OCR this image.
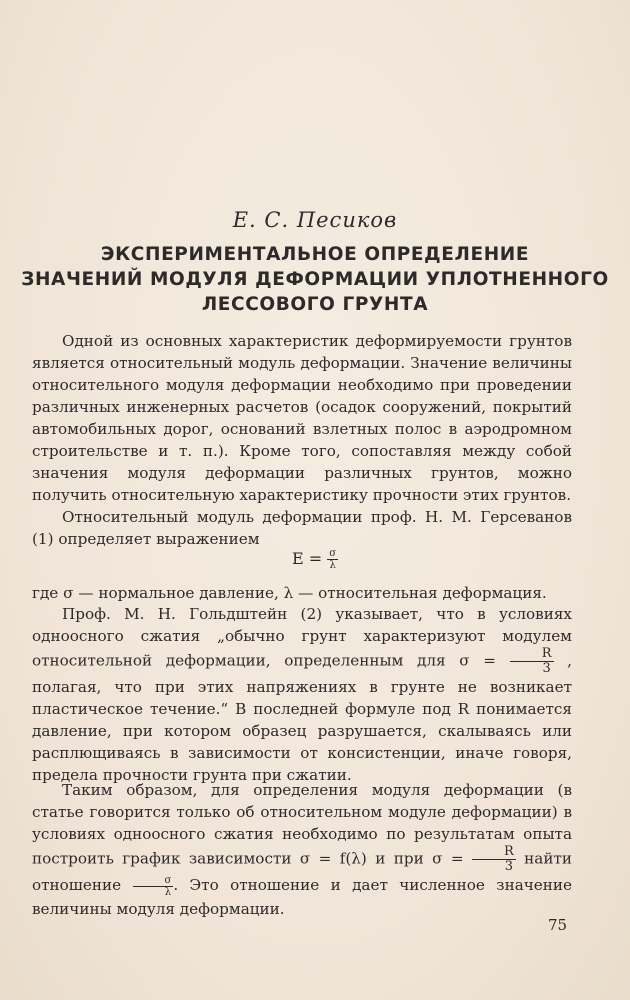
Е. С. Песиков
ЭКСПЕРИМЕНТАЛЬНОЕ ОПРЕДЕЛЕНИЕ
ЗНАЧЕНИЙ МОДУЛЯ ДЕФОРМАЦИИ УПЛОТНЕННОГО
ЛЕССОВОГО ГРУНТА
Одной из основных характеристик деформируемости грунтов является относительный модуль деформации. Значение величины относительного модуля деформации необходимо при проведении различных инженерных расчетов (осадок сооружений, покрытий автомобильных дорог, оснований взлетных полос в аэродромном строительстве и т. п.). Кроме того, сопоставляя между собой значения модуля деформации различных грунтов, можно получить относительную характеристику прочности этих грунтов.
Относительный модуль деформации проф. Н. М. Герсеванов (1) определяет выражением
$E = \frac{\sigma}{\lambda}$
где σ — нормальное давление, λ — относительная деформация.
Проф. М. Н. Гольдштейн (2) указывает, что в условиях одноосного сжатия „обычно грунт характеризуют модулем относительной деформации, определенным для $\sigma = \frac{R}{3}$ , полагая, что при этих напряжениях в грунте не возникает пластическое течение.“ В последней формуле под R понимается давление, при котором образец разрушается, скалываясь или расплющиваясь в зависимости от консистенции, иначе говоря, предела прочности грунта при сжатии.
Таким образом, для определения модуля деформации (в статье говорится только об относительном модуле деформации) в условиях одноосного сжатия необходимо по результатам опыта построить график зависимости σ = f(λ) и при $\sigma = \frac{R}{3}$ найти отношение $\frac{\sigma}{\lambda}$ . Это отношение и дает численное значение величины модуля деформации.
75
